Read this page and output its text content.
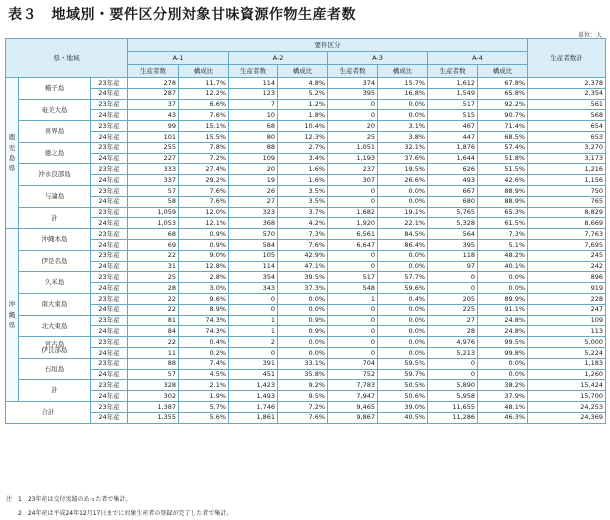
表３　地域別・要件区分別対象甘味資源作物生産者数
単位：人
県・地域			要件区分								生産者数計
			A-1		A-2		A-3		A-4		
			生産者数	構成比	生産者数	構成比	生産者数	構成比	生産者数	構成比	
鹿
児
島
県	種子島	23年産	278	11.7%	114	4.8%	374	15.7%	1,612	67.8%	2,378
		24年産	287	12.2%	123	5.2%	395	16.8%	1,549	65.8%	2,354
	奄美大島	23年産	37	6.6%	7	1.2%	0	0.0%	517	92.2%	561
		24年産	43	7.6%	10	1.8%	0	0.0%	515	90.7%	568
	喜界島	23年産	99	15.1%	68	10.4%	20	3.1%	467	71.4%	654
		24年産	101	15.5%	80	12.3%	25	3.8%	447	68.5%	653
	徳之島	23年産	255	7.8%	88	2.7%	1,051	32.1%	1,876	57.4%	3,270
		24年産	227	7.2%	109	3.4%	1,193	37.6%	1,644	51.8%	3,173
	沖永良部島	23年産	333	27.4%	20	1.6%	237	19.5%	626	51.5%	1,216
		24年産	337	29.2%	19	1.6%	307	26.6%	493	42.6%	1,156
	与論島	23年産	57	7.6%	26	3.5%	0	0.0%	667	88.9%	750
		24年産	58	7.6%	27	3.5%	0	0.0%	680	88.9%	765
	計	23年産	1,059	12.0%	323	3.7%	1,682	19.1%	5,765	65.3%	8,829
		24年産	1,053	12.1%	368	4.2%	1,920	22.1%	5,328	61.5%	8,669
沖
縄
県	沖縄本島	23年産	68	0.9%	570	7.3%	6,561	84.5%	564	7.3%	7,763
		24年産	69	0.9%	584	7.6%	6,647	86.4%	395	5.1%	7,695
	伊是名島	23年産	22	9.0%	105	42.9%	0	0.0%	118	48.2%	245
		24年産	31	12.8%	114	47.1%	0	0.0%	97	40.1%	242
	久米島	23年産	25	2.8%	354	39.5%	517	57.7%	0	0.0%	896
		24年産	28	3.0%	343	37.3%	548	59.6%	0	0.0%	919
	南大東島	23年産	22	9.6%	0	0.0%	1	0.4%	205	89.9%	228
		24年産	22	8.9%	0	0.0%	0	0.0%	225	91.1%	247
	北大東島	23年産	81	74.3%	1	0.9%	0	0.0%	27	24.8%	109
		24年産	84	74.3%	1	0.9%	0	0.0%	28	24.8%	113
	宮古島
伊良部島	23年産	22	0.4%	2	0.0%	0	0.0%	4,976	99.5%	5,000
		24年産	11	0.2%	0	0.0%	0	0.0%	5,213	99.8%	5,224
	石垣島	23年産	88	7.4%	391	33.1%	704	59.5%	0	0.0%	1,183
		24年産	57	4.5%	451	35.8%	752	59.7%	0	0.0%	1,260
	計	23年産	328	2.1%	1,423	9.2%	7,783	50.5%	5,890	38.2%	15,424
		24年産	302	1.9%	1,493	9.5%	7,947	50.6%	5,958	37.9%	15,700
合計		23年産	1,387	5.7%	1,746	7.2%	9,465	39.0%	11,655	48.1%	24,253
		24年産	1,355	5.6%	1,861	7.6%	9,867	40.5%	11,286	46.3%	24,369
注　1　23年産は交付実績のあった者で集計。
　　2　24年産は平成24年12月17日までに対象生産者の登録が完了した者で集計。
